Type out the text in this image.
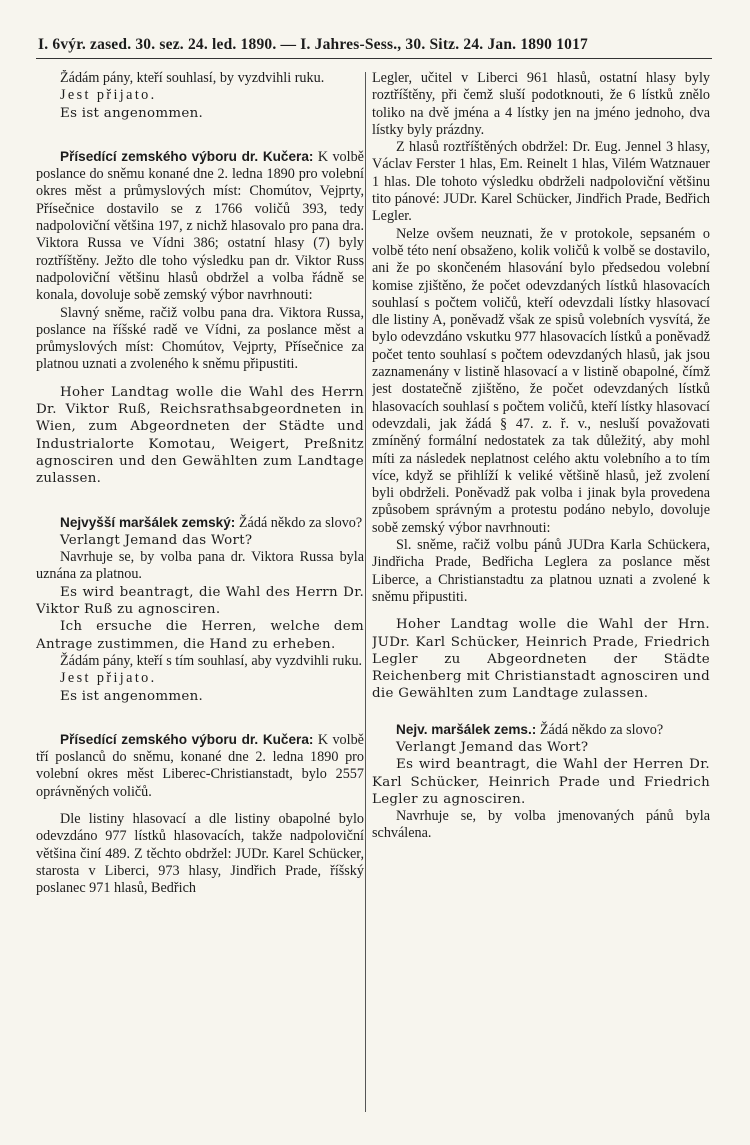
I. 6výr. zased. 30. sez. 24. led. 1890. — I. Jahres-Sess., 30. Sitz. 24. Jan. 1890 1017

Žádám pány, kteří souhlasí, by vyzdvihli ruku.

Jest přijato.

Es ist angenommen.

Přísedící zemského výboru dr. Kučera: K volbě poslance do sněmu konané dne 2. ledna 1890 pro volební okres měst a průmyslových míst: Chomútov, Vejprty, Přísečnice dostavilo se z 1766 voličů 393, tedy nadpoloviční většina 197, z nichž hlasovalo pro pana dra. Viktora Russa ve Vídni 386; ostatní hlasy (7) byly roztříštěny. Ježto dle toho výsledku pan dr. Viktor Russ nadpoloviční většinu hlasů obdržel a volba řádně se konala, dovoluje sobě zemský výbor navrhnouti:

Slavný sněme, račiž volbu pana dra. Viktora Russa, poslance na říšské radě ve Vídni, za poslance měst a průmyslových míst: Chomútov, Vejprty, Přísečnice za platnou uznati a zvoleného k sněmu připustiti.

Hoher Landtag wolle die Wahl des Herrn Dr. Viktor Ruß, Reichsrathsabgeordneten in Wien, zum Abgeordneten der Städte und Industrialorte Komotau, Weigert, Preßnitz agnosciren und den Gewählten zum Landtage zulassen.

Nejvyšší maršálek zemský: Žádá někdo za slovo?

Verlangt Jemand das Wort?

Navrhuje se, by volba pana dr. Viktora Russa byla uznána za platnou.

Es wird beantragt, die Wahl des Herrn Dr. Viktor Ruß zu agnosciren.

Ich ersuche die Herren, welche dem Antrage zustimmen, die Hand zu erheben.

Žádám pány, kteří s tím souhlasí, aby vyzdvihli ruku.

Jest přijato.

Es ist angenommen.

Přísedící zemského výboru dr. Kučera: K volbě tří poslanců do sněmu, konané dne 2. ledna 1890 pro volební okres měst Liberec-Christianstadt, bylo 2557 oprávněných voličů.

Dle listiny hlasovací a dle listiny obapolné bylo odevzdáno 977 lístků hlasovacích, takže nadpoloviční většina činí 489. Z těchto obdržel: JUDr. Karel Schücker, starosta v Liberci, 973 hlasy, Jindřich Prade, říšský poslanec 971 hlasů, Bedřich

Legler, učitel v Liberci 961 hlasů, ostatní hlasy byly roztříštěny, při čemž sluší podotknouti, že 6 lístků znělo toliko na dvě jména a 4 lístky jen na jméno jednoho, dva lístky byly prázdny.

Z hlasů roztříštěných obdržel: Dr. Eug. Jennel 3 hlasy, Václav Ferster 1 hlas, Em. Reinelt 1 hlas, Vilém Watznauer 1 hlas. Dle tohoto výsledku obdrželi nadpoloviční většinu tito pánové: JUDr. Karel Schücker, Jindřich Prade, Bedřich Legler.

Nelze ovšem neuznati, že v protokole, sepsaném o volbě této není obsaženo, kolik voličů k volbě se dostavilo, ani že po skončeném hlasování bylo předsedou volební komise zjištěno, že počet odevzdaných lístků hlasovacích souhlasí s počtem voličů, kteří odevzdali lístky hlasovací dle listiny A, poněvadž však ze spisů volebních vysvítá, že bylo odevzdáno vskutku 977 hlasovacích lístků a poněvadž počet tento souhlasí s počtem odevzdaných hlasů, jak jsou zaznamenány v listině hlasovací a v listině obapolné, čímž jest dostatečně zjištěno, že počet odevzdaných lístků hlasovacích souhlasí s počtem voličů, kteří lístky hlasovací odevzdali, jak žádá § 47. z. ř. v., nesluší považovati zmíněný formální nedostatek za tak důležitý, aby mohl míti za následek neplatnost celého aktu volebního a to tím více, když se přihlíží k veliké většině hlasů, jež zvolení byli obdrželi. Poněvadž pak volba i jinak byla provedena způsobem správným a protestu podáno nebylo, dovoluje sobě zemský výbor navrhnouti:

Sl. sněme, račiž volbu pánů JUDra Karla Schückera, Jindřicha Prade, Bedřicha Leglera za poslance měst Liberce, a Christianstadtu za platnou uznati a zvolené k sněmu připustiti.

Hoher Landtag wolle die Wahl der Hrn. JUDr. Karl Schücker, Heinrich Prade, Friedrich Legler zu Abgeordneten der Städte Reichenberg mit Christianstadt agnosciren und die Gewählten zum Landtage zulassen.

Nejv. maršálek zems.: Žádá někdo za slovo?

Verlangt Jemand das Wort?

Es wird beantragt, die Wahl der Herren Dr. Karl Schücker, Heinrich Prade und Friedrich Legler zu agnosciren.

Navrhuje se, by volba jmenovaných pánů byla schválena.
